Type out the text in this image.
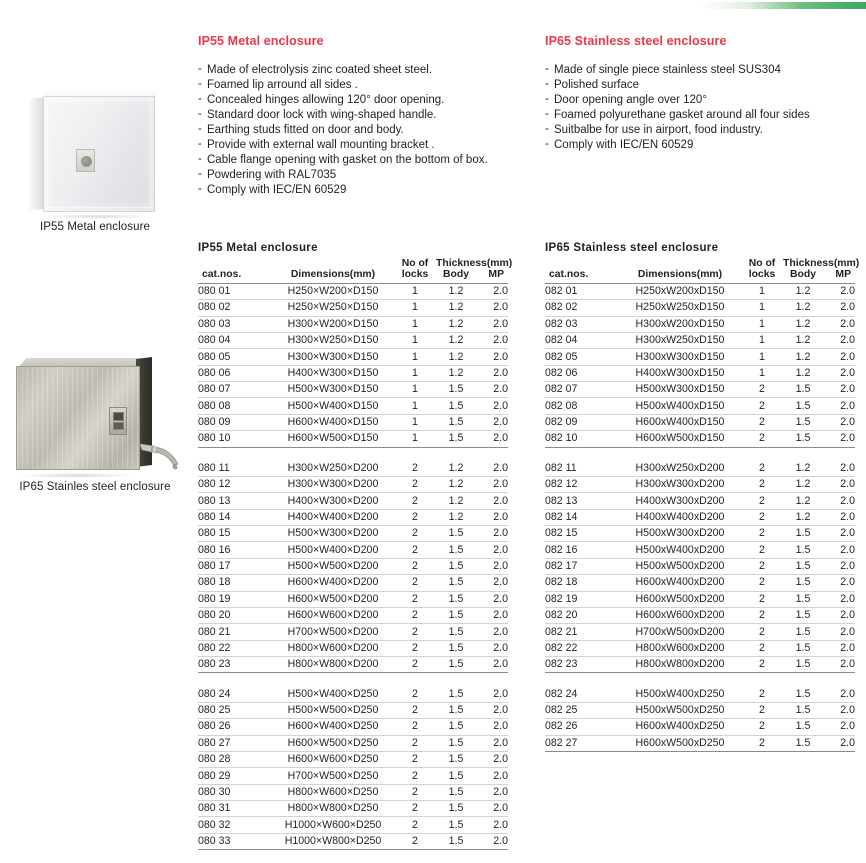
IP55 Metal enclosure
IP65 Stainles steel enclosure
IP55 Metal enclosure
- Made of electrolysis zinc coated sheet steel.
- Foamed lip arround all sides .
- Concealed hinges allowing 120° door opening.
- Standard door lock with wing-shaped handle.
- Earthing studs fitted on door and body.
- Provide with external wall mounting bracket .
- Cable flange opening with gasket on the bottom of box.
- Powdering with RAL7035
- Comply with IEC/EN 60529
IP65 Stainless steel enclosure
- Made of single piece stainless steel SUS304
- Polished surface
- Door opening angle over 120°
- Foamed polyurethane gasket around all four sides
- Suitbalbe for use in airport, food industry.
- Comply with IEC/EN 60529
IP55 Metal enclosure
		No of	Thickness(mm)	
cat.nos.	Dimensions(mm)	locks	Body	MP
080 01	H250×W200×D150	1	1.2	2.0
080 02	H250×W250×D150	1	1.2	2.0
080 03	H300×W200×D150	1	1.2	2.0
080 04	H300×W250×D150	1	1.2	2.0
080 05	H300×W300×D150	1	1.2	2.0
080 06	H400×W300×D150	1	1.2	2.0
080 07	H500×W300×D150	1	1.5	2.0
080 08	H500×W400×D150	1	1.5	2.0
080 09	H600×W400×D150	1	1.5	2.0
080 10	H600×W500×D150	1	1.5	2.0

080 11	H300×W250×D200	2	1.2	2.0
080 12	H300×W300×D200	2	1.2	2.0
080 13	H400×W300×D200	2	1.2	2.0
080 14	H400×W400×D200	2	1.2	2.0
080 15	H500×W300×D200	2	1.5	2.0
080 16	H500×W400×D200	2	1.5	2.0
080 17	H500×W500×D200	2	1.5	2.0
080 18	H600×W400×D200	2	1.5	2.0
080 19	H600×W500×D200	2	1.5	2.0
080 20	H600×W600×D200	2	1.5	2.0
080 21	H700×W500×D200	2	1.5	2.0
080 22	H800×W600×D200	2	1.5	2.0
080 23	H800×W800×D200	2	1.5	2.0

080 24	H500×W400×D250	2	1.5	2.0
080 25	H500×W500×D250	2	1.5	2.0
080 26	H600×W400×D250	2	1.5	2.0
080 27	H600×W500×D250	2	1.5	2.0
080 28	H600×W600×D250	2	1.5	2.0
080 29	H700×W500×D250	2	1.5	2.0
080 30	H800×W600×D250	2	1.5	2.0
080 31	H800×W800×D250	2	1.5	2.0
080 32	H1000×W600×D250	2	1.5	2.0
080 33	H1000×W800×D250	2	1.5	2.0
IP65 Stainless steel enclosure
		No of	Thickness(mm)	
cat.nos.	Dimensions(mm)	locks	Body	MP
082 01	H250xW200xD150	1	1.2	2.0
082 02	H250xW250xD150	1	1.2	2.0
082 03	H300xW200xD150	1	1.2	2.0
082 04	H300xW250xD150	1	1.2	2.0
082 05	H300xW300xD150	1	1.2	2.0
082 06	H400xW300xD150	1	1.2	2.0
082 07	H500xW300xD150	2	1.5	2.0
082 08	H500xW400xD150	2	1.5	2.0
082 09	H600xW400xD150	2	1.5	2.0
082 10	H600xW500xD150	2	1.5	2.0

082 11	H300xW250xD200	2	1.2	2.0
082 12	H300xW300xD200	2	1.2	2.0
082 13	H400xW300xD200	2	1.2	2.0
082 14	H400xW400xD200	2	1.2	2.0
082 15	H500xW300xD200	2	1.5	2.0
082 16	H500xW400xD200	2	1.5	2.0
082 17	H500xW500xD200	2	1.5	2.0
082 18	H600xW400xD200	2	1.5	2.0
082 19	H600xW500xD200	2	1.5	2.0
082 20	H600xW600xD200	2	1.5	2.0
082 21	H700xW500xD200	2	1.5	2.0
082 22	H800xW600xD200	2	1.5	2.0
082 23	H800xW800xD200	2	1.5	2.0

082 24	H500xW400xD250	2	1.5	2.0
082 25	H500xW500xD250	2	1.5	2.0
082 26	H600xW400xD250	2	1.5	2.0
082 27	H600xW500xD250	2	1.5	2.0
